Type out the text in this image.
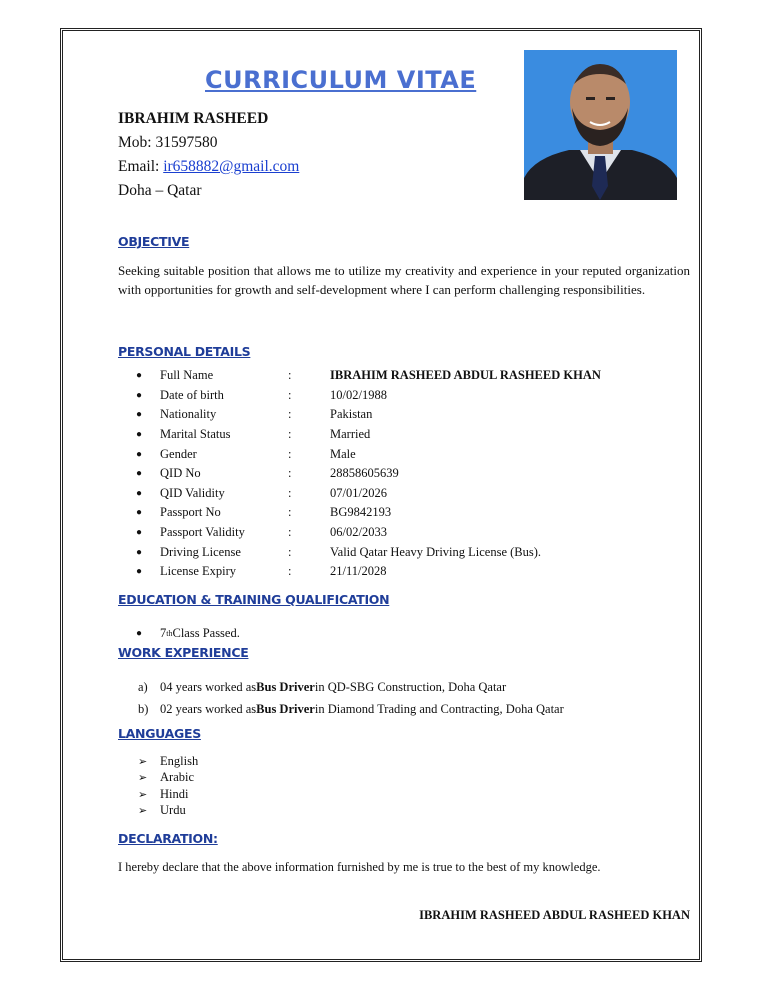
CURRICULUM VITAE
IBRAHIM RASHEED
Mob: 31597580
Email: ir658882@gmail.com
Doha – Qatar
OBJECTIVE

Seeking suitable position that allows me to utilize my creativity and experience in your reputed organization with opportunities for growth and self-development where I can perform challenging responsibilities.

PERSONAL DETAILS
●	Full Name	:	IBRAHIM RASHEED ABDUL RASHEED KHAN
●	Date of birth	:	10/02/1988
●	Nationality	:	Pakistan
●	Marital Status	:	Married
●	Gender	:	Male
●	QID No	:	28858605639
●	QID Validity	:	07/01/2026
●	Passport No	:	BG9842193
●	Passport Validity	:	06/02/2033
●	Driving License	:	Valid Qatar Heavy Driving License (Bus).
●	License Expiry	:	21/11/2028
EDUCATION & TRAINING QUALIFICATION
●	7 th Class Passed.
WORK EXPERIENCE
a) 04 years worked as Bus Driver in QD-SBG Construction, Doha Qatar
b) 02 years worked as Bus Driver in Diamond Trading and Contracting, Doha Qatar
LANGUAGES
➢	English
➢	Arabic
➢	Hindi
➢	Urdu
DECLARATION:

I hereby declare that the above information furnished by me is true to the best of my knowledge.

IBRAHIM RASHEED ABDUL RASHEED KHAN
